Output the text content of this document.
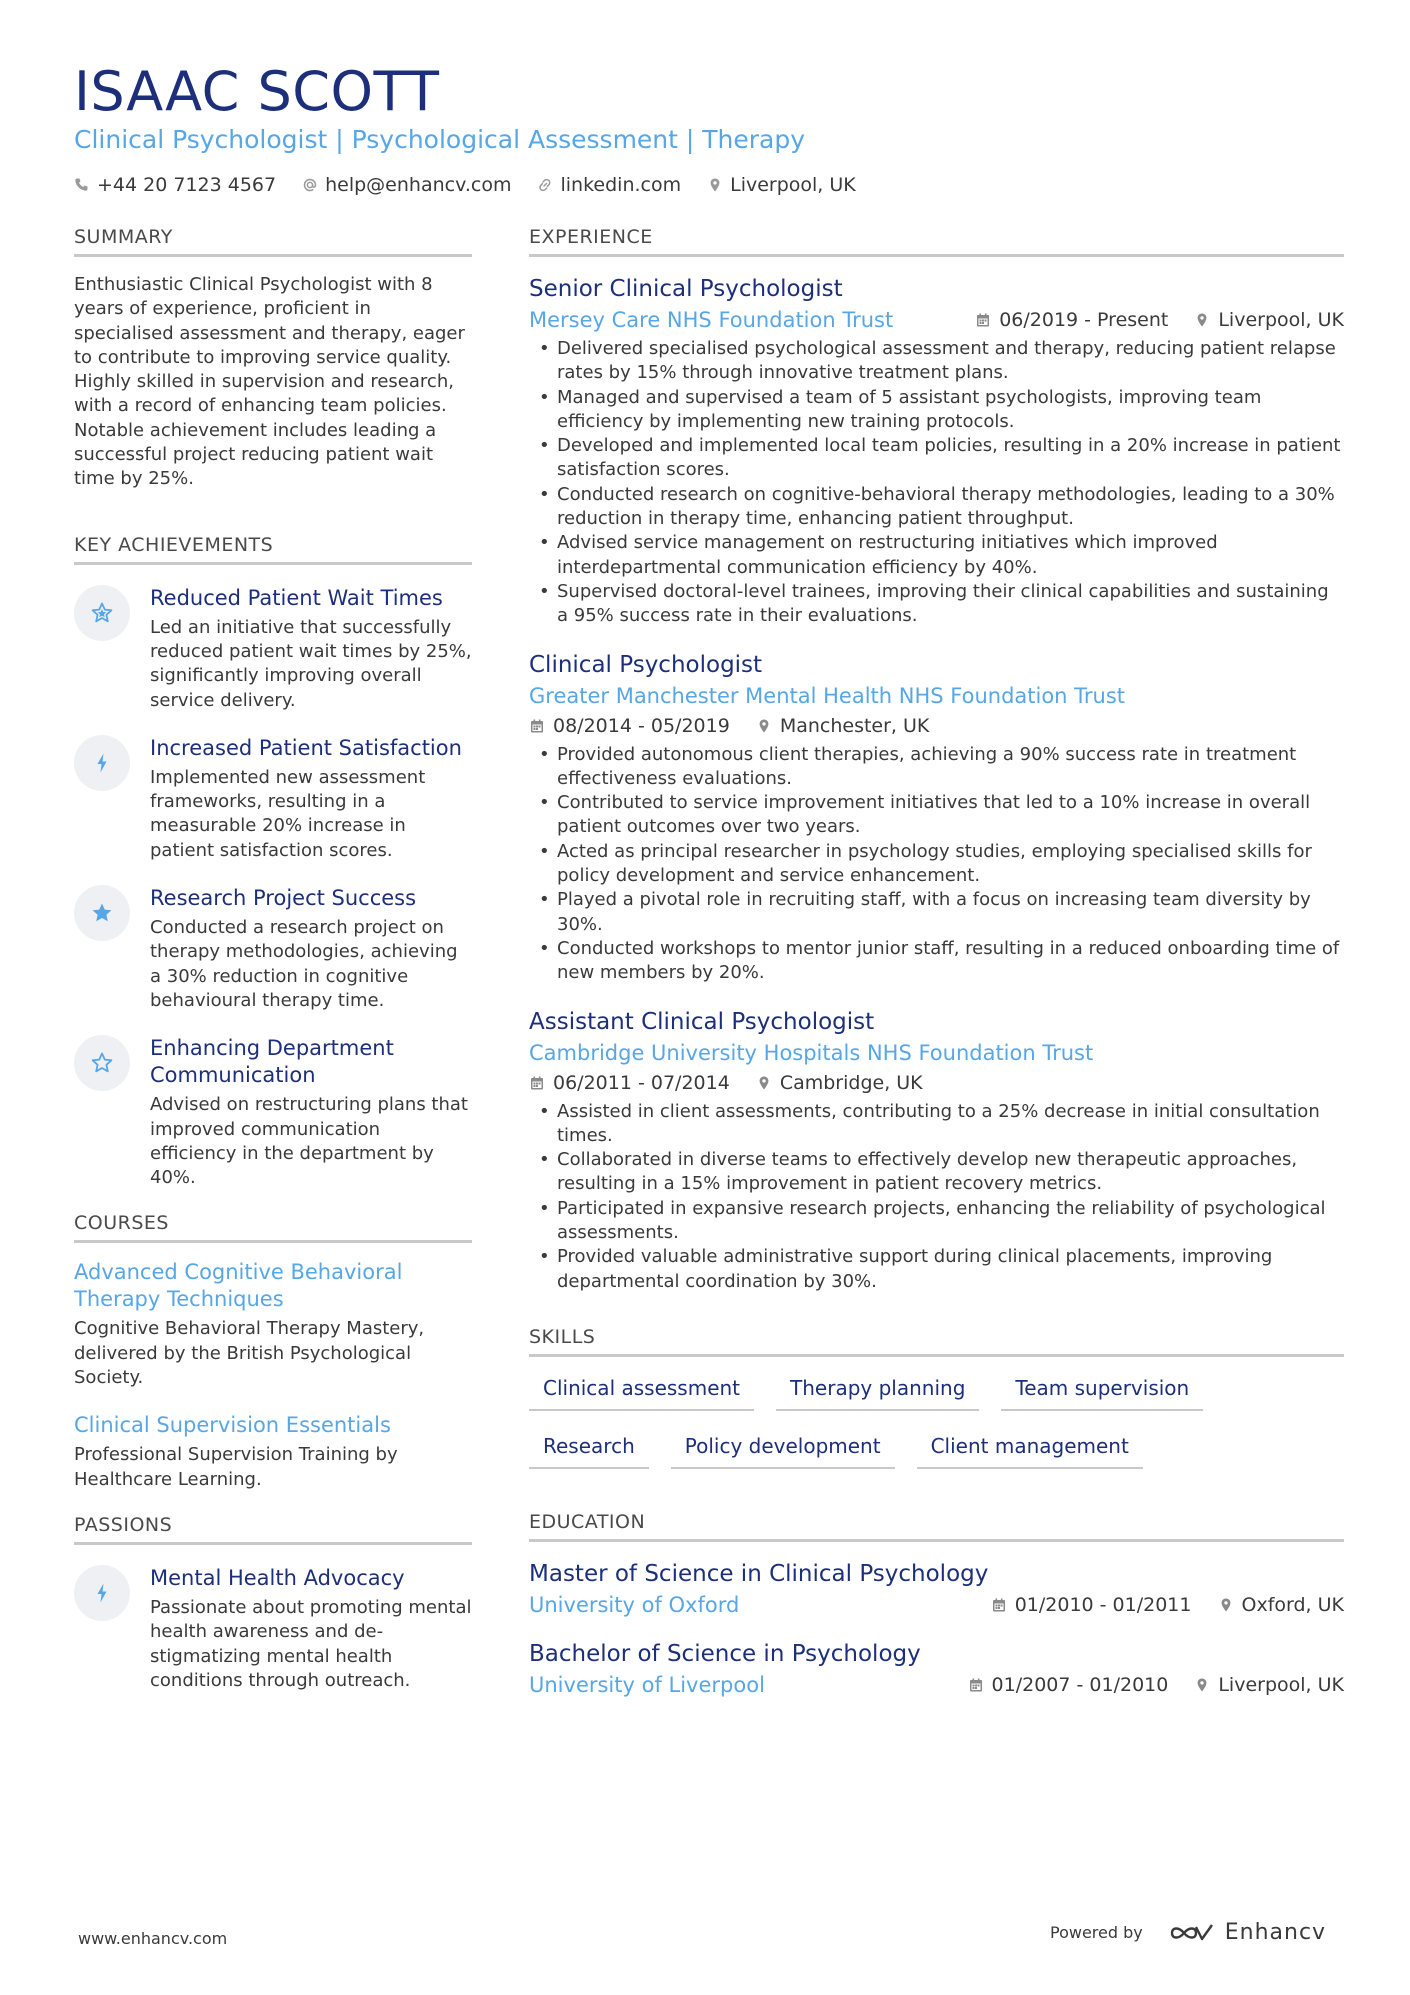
ISAAC SCOTT
Clinical Psychologist | Psychological Assessment | Therapy
+44 20 7123 4567	help@enhancv.com	linkedin.com	Liverpool, UK
SUMMARY
Enthusiastic Clinical Psychologist with 8 years of experience, proficient in specialised assessment and therapy, eager to contribute to improving service quality. Highly skilled in supervision and research, with a record of enhancing team policies. Notable achievement includes leading a successful project reducing patient wait time by 25%.
KEY ACHIEVEMENTS
Reduced Patient Wait Times
Led an initiative that successfully reduced patient wait times by 25%, significantly improving overall service delivery.
Increased Patient Satisfaction
Implemented new assessment frameworks, resulting in a measurable 20% increase in patient satisfaction scores.
Research Project Success
Conducted a research project on therapy methodologies, achieving a 30% reduction in cognitive behavioural therapy time.
Enhancing Department Communication
Advised on restructuring plans that improved communication efficiency in the department by 40%.
COURSES
Advanced Cognitive Behavioral Therapy Techniques
Cognitive Behavioral Therapy Mastery, delivered by the British Psychological Society.
Clinical Supervision Essentials
Professional Supervision Training by Healthcare Learning.
PASSIONS
Mental Health Advocacy
Passionate about promoting mental health awareness and de-stigmatizing mental health conditions through outreach.
EXPERIENCE
Senior Clinical Psychologist
Mersey Care NHS Foundation Trust	06/2019 - Present	Liverpool, UK
• Delivered specialised psychological assessment and therapy, reducing patient relapse rates by 15% through innovative treatment plans.
• Managed and supervised a team of 5 assistant psychologists, improving team efficiency by implementing new training protocols.
• Developed and implemented local team policies, resulting in a 20% increase in patient satisfaction scores.
• Conducted research on cognitive-behavioral therapy methodologies, leading to a 30% reduction in therapy time, enhancing patient throughput.
• Advised service management on restructuring initiatives which improved interdepartmental communication efficiency by 40%.
• Supervised doctoral-level trainees, improving their clinical capabilities and sustaining a 95% success rate in their evaluations.
Clinical Psychologist
Greater Manchester Mental Health NHS Foundation Trust
08/2014 - 05/2019	Manchester, UK
• Provided autonomous client therapies, achieving a 90% success rate in treatment effectiveness evaluations.
• Contributed to service improvement initiatives that led to a 10% increase in overall patient outcomes over two years.
• Acted as principal researcher in psychology studies, employing specialised skills for policy development and service enhancement.
• Played a pivotal role in recruiting staff, with a focus on increasing team diversity by 30%.
• Conducted workshops to mentor junior staff, resulting in a reduced onboarding time of new members by 20%.
Assistant Clinical Psychologist
Cambridge University Hospitals NHS Foundation Trust
06/2011 - 07/2014	Cambridge, UK
• Assisted in client assessments, contributing to a 25% decrease in initial consultation times.
• Collaborated in diverse teams to effectively develop new therapeutic approaches, resulting in a 15% improvement in patient recovery metrics.
• Participated in expansive research projects, enhancing the reliability of psychological assessments.
• Provided valuable administrative support during clinical placements, improving departmental coordination by 30%.
SKILLS
Clinical assessment	Therapy planning	Team supervision
Research	Policy development	Client management
EDUCATION
Master of Science in Clinical Psychology
University of Oxford	01/2010 - 01/2011	Oxford, UK
Bachelor of Science in Psychology
University of Liverpool	01/2007 - 01/2010	Liverpool, UK
www.enhancv.com	Powered by	Enhancv
